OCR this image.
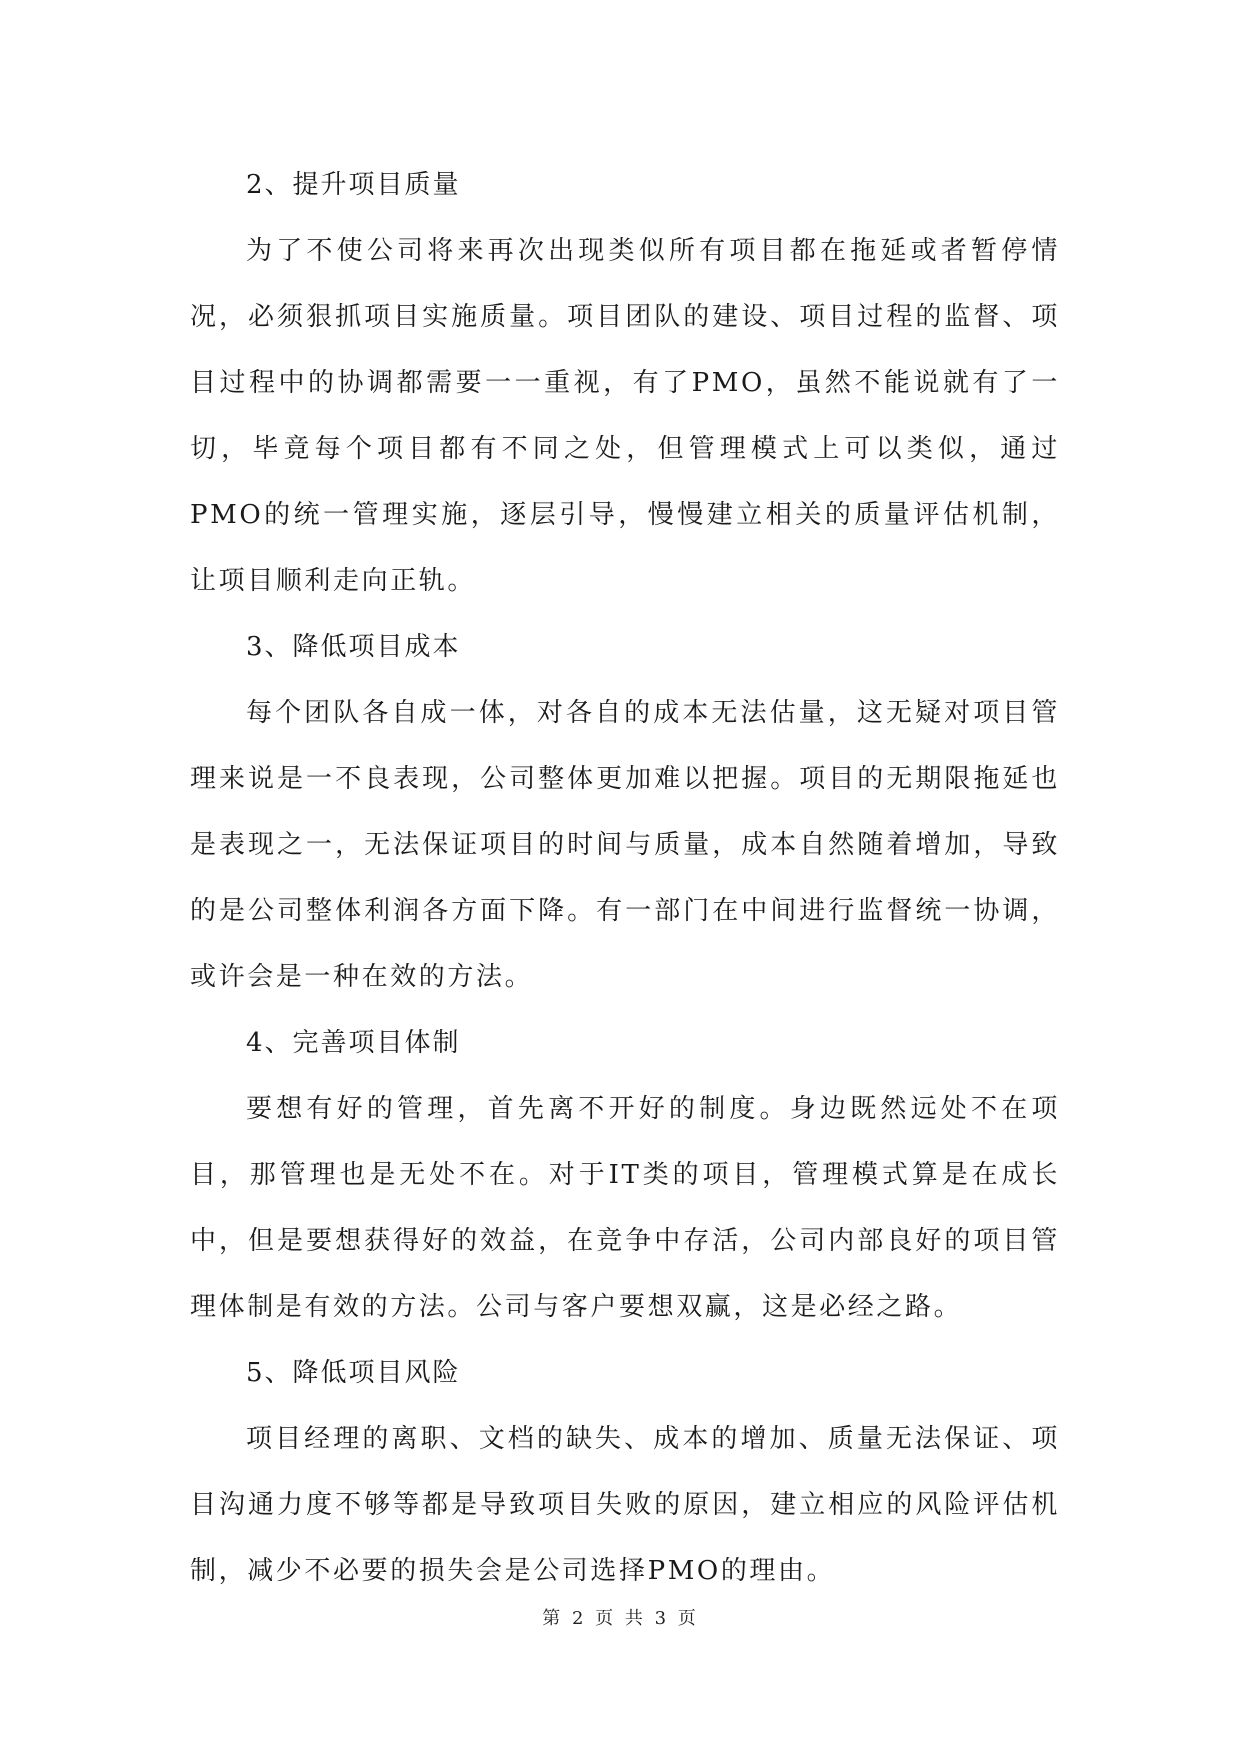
2、提升项目质量

为了不使公司将来再次出现类似所有项目都在拖延或者暂停情况，必须狠抓项目实施质量。项目团队的建设、项目过程的监督、项目过程中的协调都需要一一重视，有了PMO，虽然不能说就有了一切，毕竟每个项目都有不同之处，但管理模式上可以类似，通过PMO的统一管理实施，逐层引导，慢慢建立相关的质量评估机制，让项目顺利走向正轨。

3、降低项目成本

每个团队各自成一体，对各自的成本无法估量，这无疑对项目管理来说是一不良表现，公司整体更加难以把握。项目的无期限拖延也是表现之一，无法保证项目的时间与质量，成本自然随着增加，导致的是公司整体利润各方面下降。有一部门在中间进行监督统一协调，或许会是一种在效的方法。

4、完善项目体制

要想有好的管理，首先离不开好的制度。身边既然远处不在项目，那管理也是无处不在。对于IT类的项目，管理模式算是在成长中，但是要想获得好的效益，在竞争中存活，公司内部良好的项目管理体制是有效的方法。公司与客户要想双赢，这是必经之路。

5、降低项目风险

项目经理的离职、文档的缺失、成本的增加、质量无法保证、项目沟通力度不够等都是导致项目失败的原因，建立相应的风险评估机制，减少不必要的损失会是公司选择PMO的理由。

第 2 页 共 3 页
